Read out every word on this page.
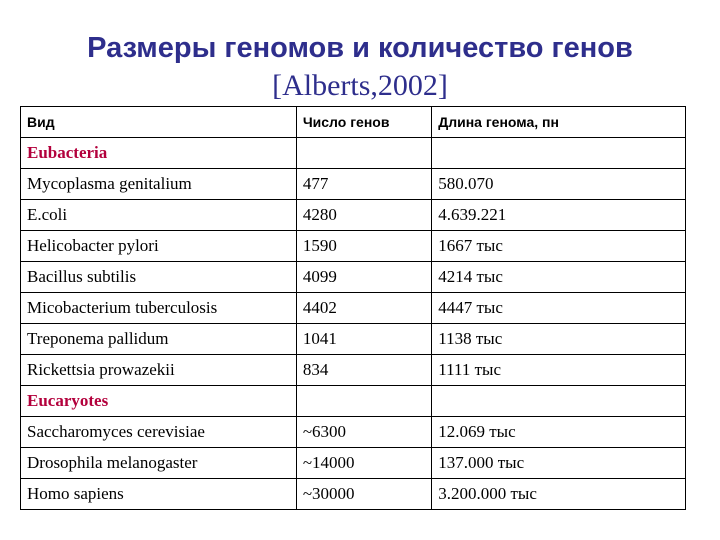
Размеры геномов и количество генов
[Alberts,2002]
Вид	Число генов	Длина генома, пн
Eubacteria		
Mycoplasma genitalium	477	580.070
E.coli	4280	4.639.221
Helicobacter pylori	1590	1667 тыс
Bacillus subtilis	4099	4214 тыс
Micobacterium tuberculosis	4402	4447 тыс
Treponema pallidum	1041	1138 тыс
Rickettsia prowazekii	834	1111 тыс
Eucaryotes		
Saccharomyces cerevisiae	~6300	12.069 тыс
Drosophila melanogaster	~14000	137.000 тыс
Homo sapiens	~30000	3.200.000 тыс
